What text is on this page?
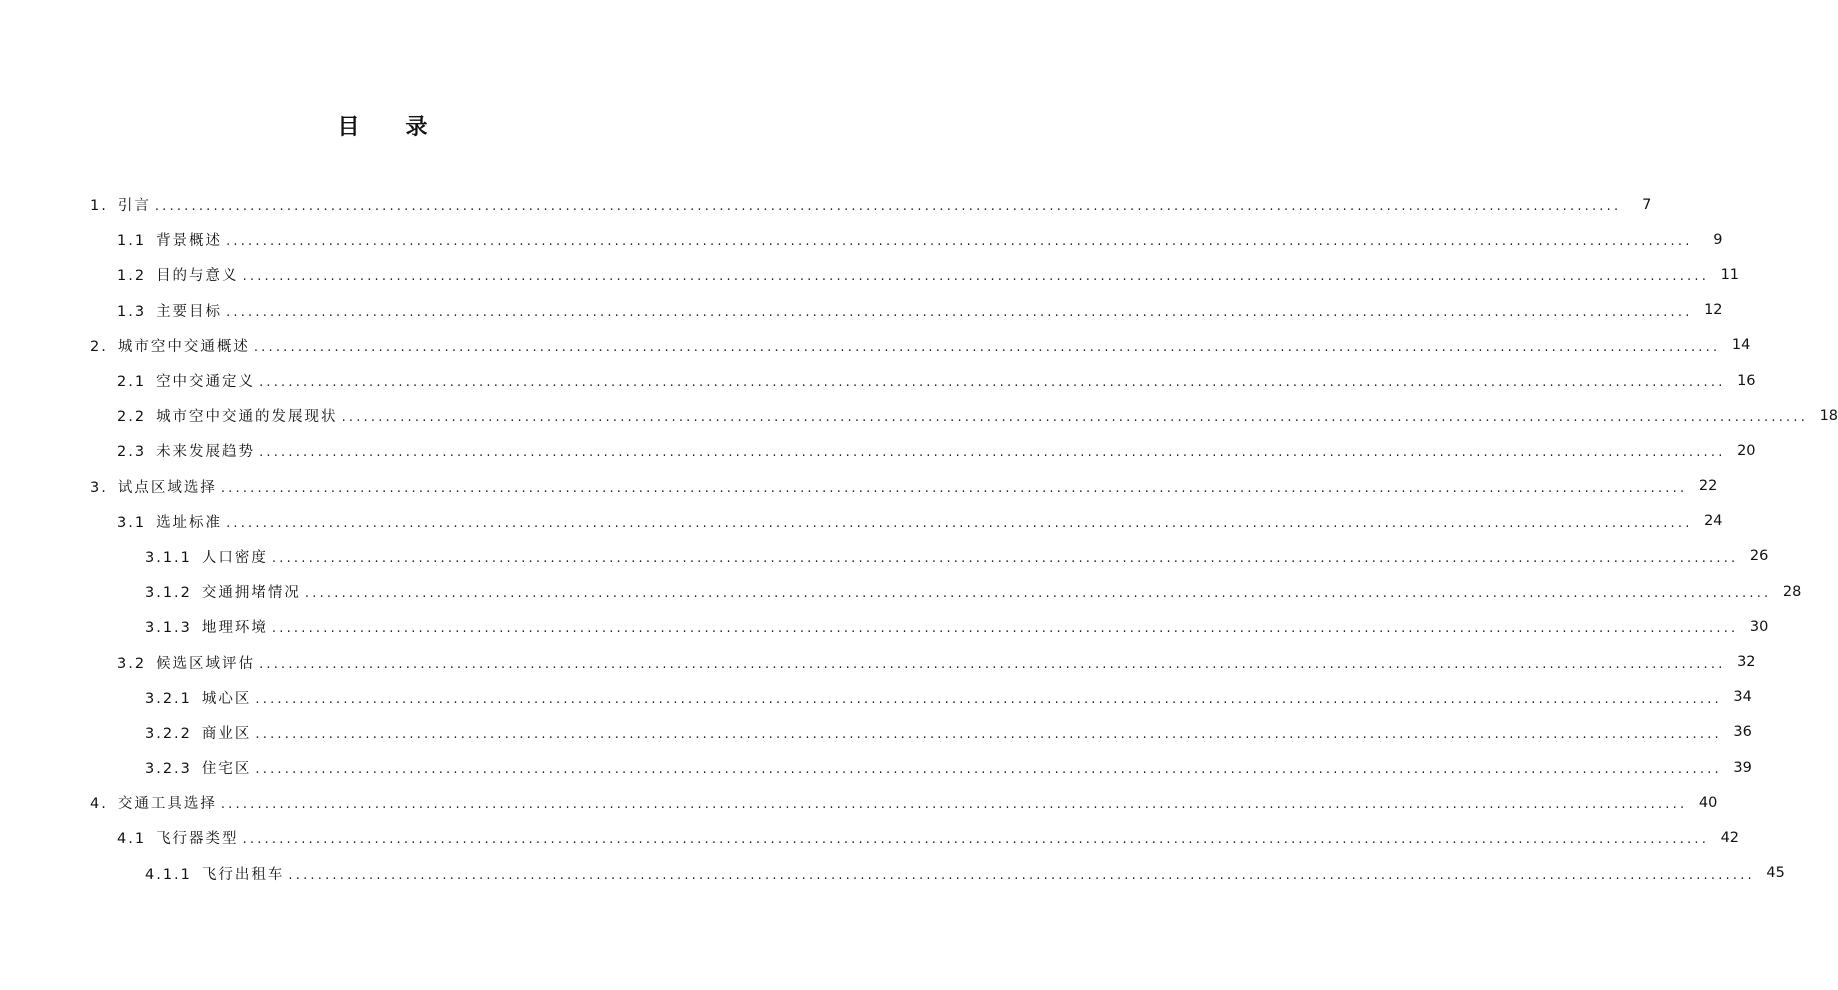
目 录
1. 引言 ........................................................................................................................................................................................................	7
1.1 背景概述 ........................................................................................................................................................................................................	9
1.2 目的与意义 ........................................................................................................................................................................................................ 11
1.3 主要目标 ........................................................................................................................................................................................................ 12
2. 城市空中交通概述 ........................................................................................................................................................................................................ 14
2.1 空中交通定义 ........................................................................................................................................................................................................ 16
2.2 城市空中交通的发展现状 ........................................................................................................................................................................................................ 18
2.3 未来发展趋势 ........................................................................................................................................................................................................ 20
3. 试点区域选择 ........................................................................................................................................................................................................ 22
3.1 选址标准 ........................................................................................................................................................................................................ 24
3.1.1 人口密度 ........................................................................................................................................................................................................ 26
3.1.2 交通拥堵情况 ........................................................................................................................................................................................................ 28
3.1.3 地理环境 ........................................................................................................................................................................................................ 30
3.2 候选区域评估 ........................................................................................................................................................................................................ 32
3.2.1 城心区 ........................................................................................................................................................................................................ 34
3.2.2 商业区 ........................................................................................................................................................................................................ 36
3.2.3 住宅区 ........................................................................................................................................................................................................ 39
4. 交通工具选择 ........................................................................................................................................................................................................ 40
4.1 飞行器类型 ........................................................................................................................................................................................................ 42
4.1.1 飞行出租车 ........................................................................................................................................................................................................ 45
